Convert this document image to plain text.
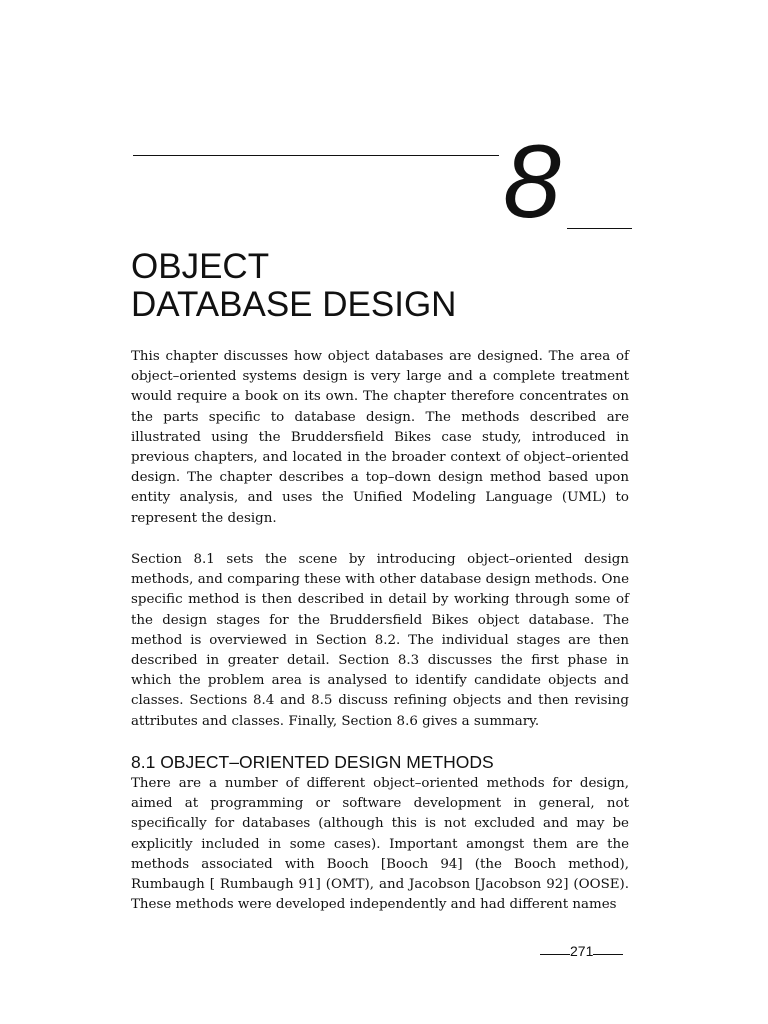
8
OBJECT
DATABASE DESIGN

This chapter discusses how object databases are designed. The area of object–oriented systems design is very large and a complete treatment would require a book on its own. The chapter therefore concentrates on the parts specific to database design. The methods described are illustrated using the Bruddersfield Bikes case study, introduced in previous chapters, and located in the broader context of object–oriented design. The chapter describes a top–down design method based upon entity analysis, and uses the Unified Modeling Language (UML) to represent the design.

Section 8.1 sets the scene by introducing object–oriented design methods, and comparing these with other database design methods. One specific method is then described in detail by working through some of the design stages for the Bruddersfield Bikes object database. The method is overviewed in Section 8.2. The individual stages are then described in greater detail. Section 8.3 discusses the first phase in which the problem area is analysed to identify candidate objects and classes. Sections 8.4 and 8.5 discuss refining objects and then revising attributes and classes. Finally, Section 8.6 gives a summary.

8.1 OBJECT–ORIENTED DESIGN METHODS

There are a number of different object–oriented methods for design, aimed at programming or software development in general, not specifically for databases (although this is not excluded and may be explicitly included in some cases). Important amongst them are the methods associated with Booch [Booch 94] (the Booch method), Rumbaugh [ Rumbaugh 91] (OMT), and Jacobson [Jacobson 92] (OOSE). These methods were developed independently and had different names

271
